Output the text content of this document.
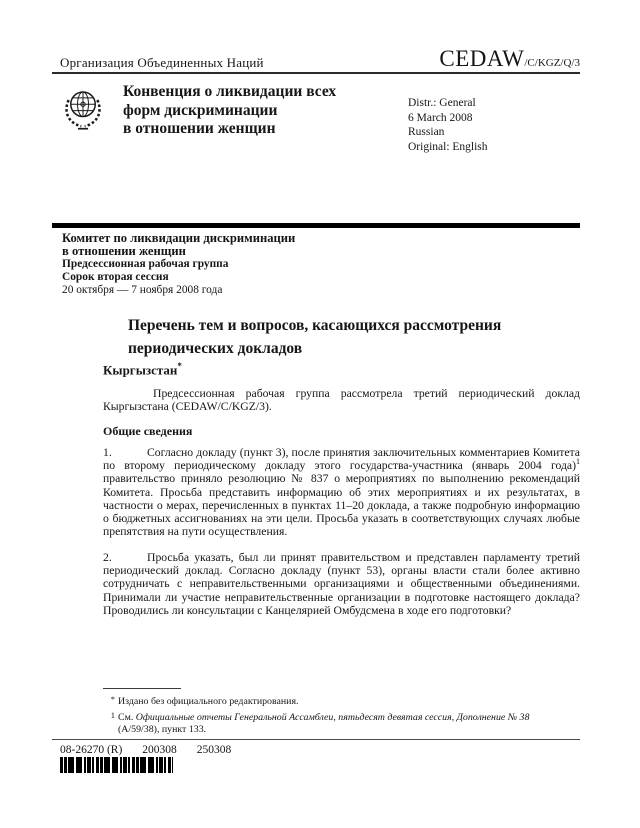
Организация Объединенных Наций	CEDAW/C/KGZ/Q/3
Конвенция о ликвидации всех
форм дискриминации
в отношении женщин
Distr.: General
6 March 2008
Russian
Original: English
Комитет по ликвидации дискриминации
в отношении женщин
Предсессионная рабочая группа
Сорок вторая сессия
20 октября — 7 ноября 2008 года
Перечень тем и вопросов, касающихся рассмотрения
периодических докладов
Кыргызстан*
Предсессионная рабочая группа рассмотрела третий периодический доклад Кыргызстана (CEDAW/C/KGZ/3).
Общие сведения
1.	Согласно докладу (пункт 3), после принятия заключительных комментариев Комитета по второму периодическому докладу этого государства-участника (январь 2004 года)$^1$ правительство приняло резолюцию № 837 о мероприятиях по выполнению рекомендаций Комитета. Просьба представить информацию об этих мероприятиях и их результатах, в частности о мерах, перечисленных в пунктах 11–20 доклада, а также подробную информацию о бюджетных ассигнованиях на эти цели. Просьба указать в соответствующих случаях любые препятствия на пути осуществления.
2.	Просьба указать, был ли принят правительством и представлен парламенту третий периодический доклад. Согласно докладу (пункт 53), органы власти стали более активно сотрудничать с неправительственными организациями и общественными объединениями. Принимали ли участие неправительственные организации в подготовке настоящего доклада? Проводились ли консультации с Канцелярией Омбудсмена в ходе его подготовки?
* Издано без официального редактирования.
1 См. Официальные отчеты Генеральной Ассамблеи, пятьдесят девятая сессия, Дополнение № 38 (A/59/38), пункт 133.
08-26270 (R) 200308 250308
